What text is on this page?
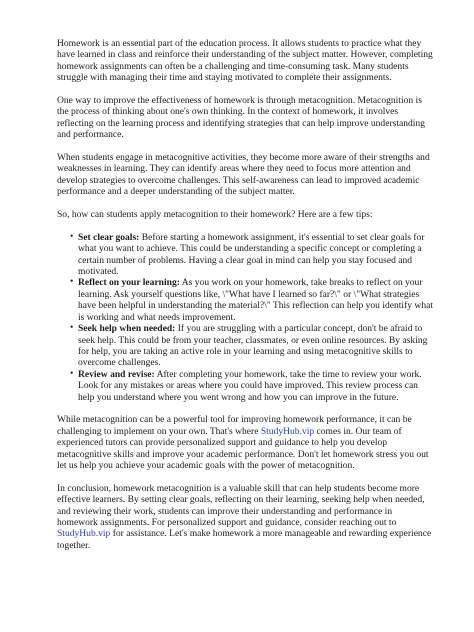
Homework is an essential part of the education process. It allows students to practice what they have learned in class and reinforce their understanding of the subject matter. However, completing homework assignments can often be a challenging and time-consuming task. Many students struggle with managing their time and staying motivated to complete their assignments.

One way to improve the effectiveness of homework is through metacognition. Metacognition is the process of thinking about one's own thinking. In the context of homework, it involves reflecting on the learning process and identifying strategies that can help improve understanding and performance.

When students engage in metacognitive activities, they become more aware of their strengths and weaknesses in learning. They can identify areas where they need to focus more attention and develop strategies to overcome challenges. This self-awareness can lead to improved academic performance and a deeper understanding of the subject matter.

So, how can students apply metacognition to their homework? Here are a few tips:

• Set clear goals: Before starting a homework assignment, it's essential to set clear goals for what you want to achieve. This could be understanding a specific concept or completing a certain number of problems. Having a clear goal in mind can help you stay focused and motivated.
• Reflect on your learning: As you work on your homework, take breaks to reflect on your learning. Ask yourself questions like, \"What have I learned so far?\" or \"What strategies have been helpful in understanding the material?\" This reflection can help you identify what is working and what needs improvement.
• Seek help when needed: If you are struggling with a particular concept, don't be afraid to seek help. This could be from your teacher, classmates, or even online resources. By asking for help, you are taking an active role in your learning and using metacognitive skills to overcome challenges.
• Review and revise: After completing your homework, take the time to review your work. Look for any mistakes or areas where you could have improved. This review process can help you understand where you went wrong and how you can improve in the future.

While metacognition can be a powerful tool for improving homework performance, it can be challenging to implement on your own. That's where StudyHub.vip comes in. Our team of experienced tutors can provide personalized support and guidance to help you develop metacognitive skills and improve your academic performance. Don't let homework stress you out let us help you achieve your academic goals with the power of metacognition.

In conclusion, homework metacognition is a valuable skill that can help students become more effective learners. By setting clear goals, reflecting on their learning, seeking help when needed, and reviewing their work, students can improve their understanding and performance in homework assignments. For personalized support and guidance, consider reaching out to StudyHub.vip for assistance. Let's make homework a more manageable and rewarding experience together.
